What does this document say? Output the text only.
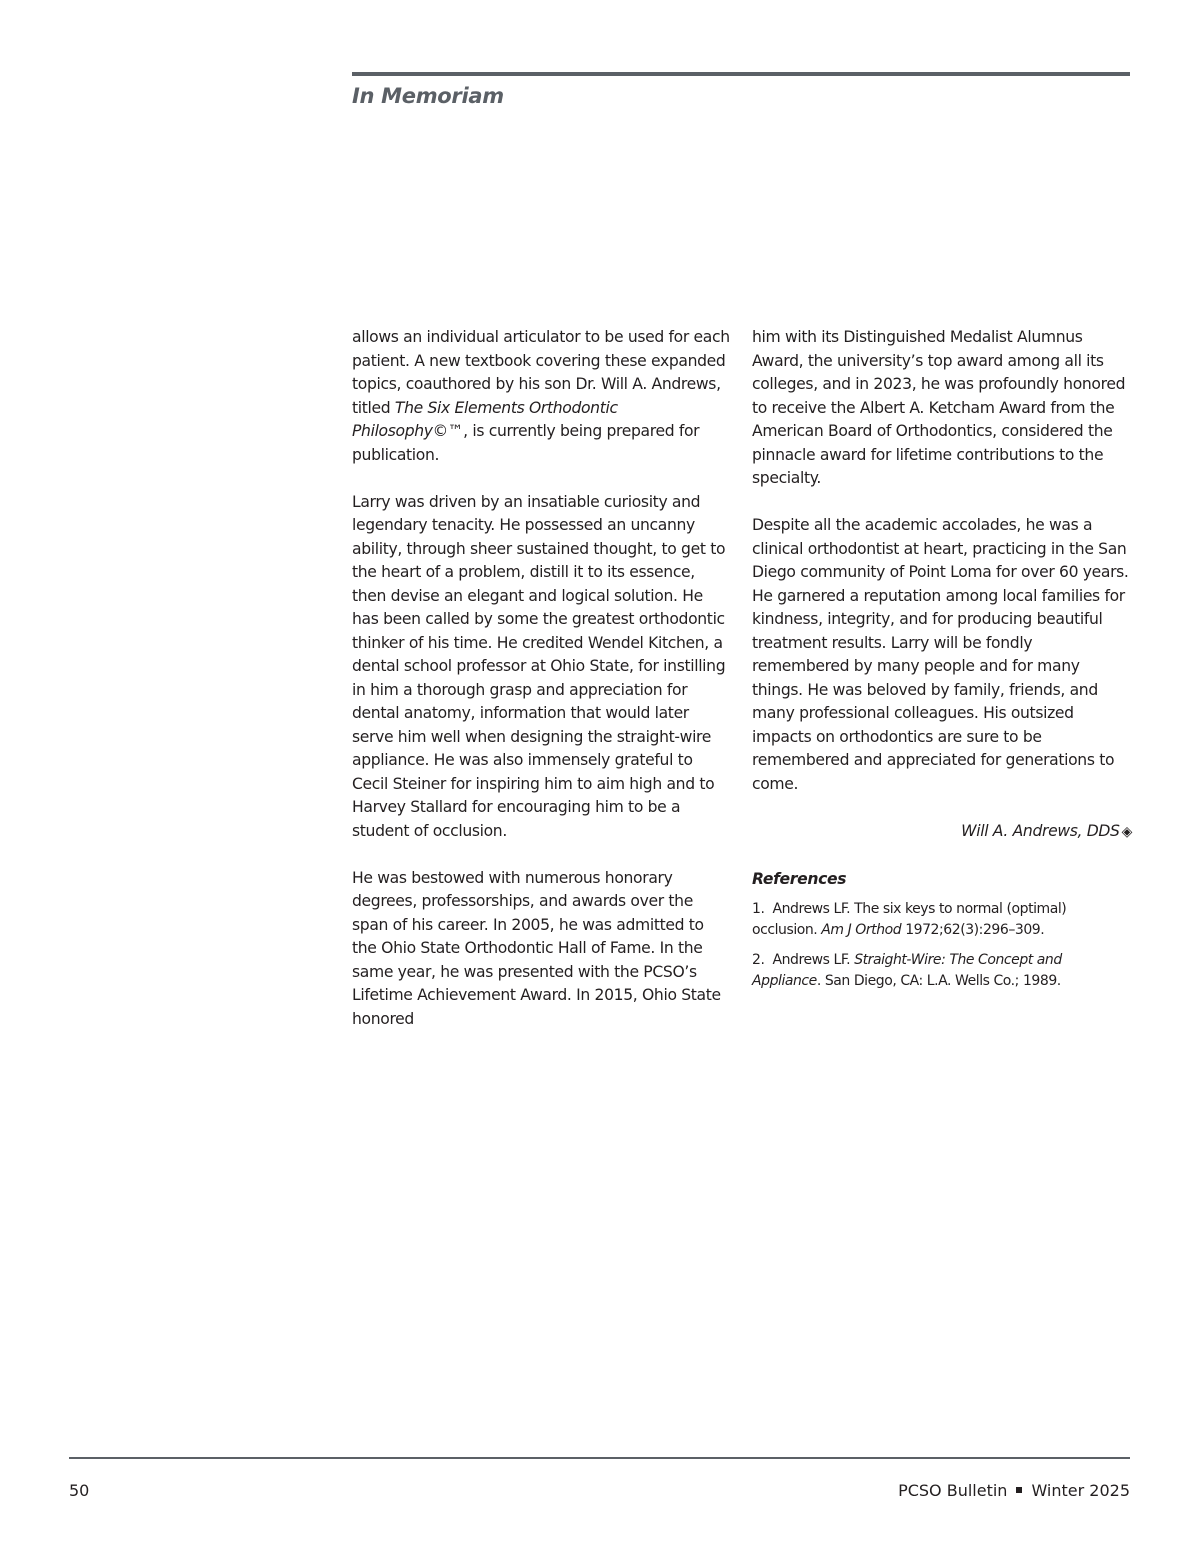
In Memoriam

allows an individual articulator to be used for each patient. A new textbook covering these expanded topics, coauthored by his son Dr. Will A. Andrews, titled The Six Elements Orthodontic Philosophy©™, is currently being prepared for publication.

Larry was driven by an insatiable curiosity and legendary tenacity. He possessed an uncanny ability, through sheer sustained thought, to get to the heart of a problem, distill it to its essence, then devise an elegant and logical solution. He has been called by some the greatest orthodontic thinker of his time. He credited Wendel Kitchen, a dental school professor at Ohio State, for instilling in him a thorough grasp and appreciation for dental anatomy, information that would later serve him well when designing the straight-wire appliance. He was also immensely grateful to Cecil Steiner for inspiring him to aim high and to Harvey Stallard for encouraging him to be a student of occlusion.

He was bestowed with numerous honorary degrees, professorships, and awards over the span of his career. In 2005, he was admitted to the Ohio State Orthodontic Hall of Fame. In the same year, he was presented with the PCSO’s Lifetime Achievement Award. In 2015, Ohio State honored

him with its Distinguished Medalist Alumnus Award, the university’s top award among all its colleges, and in 2023, he was profoundly honored to receive the Albert A. Ketcham Award from the American Board of Orthodontics, considered the pinnacle award for lifetime contributions to the specialty.

Despite all the academic accolades, he was a clinical orthodontist at heart, practicing in the San Diego community of Point Loma for over 60 years. He garnered a reputation among local families for kindness, integrity, and for producing beautiful treatment results. Larry will be fondly remembered by many people and for many things. He was beloved by family, friends, and many professional colleagues. His outsized impacts on orthodontics are sure to be remembered and appreciated for generations to come.

Will A. Andrews, DDS ◈
References
1. Andrews LF. The six keys to normal (optimal) occlusion. Am J Orthod 1972;62(3):296–309.
2. Andrews LF. Straight-Wire: The Concept and Appliance. San Diego, CA: L.A. Wells Co.; 1989.
50	PCSO Bulletin Winter 2025
